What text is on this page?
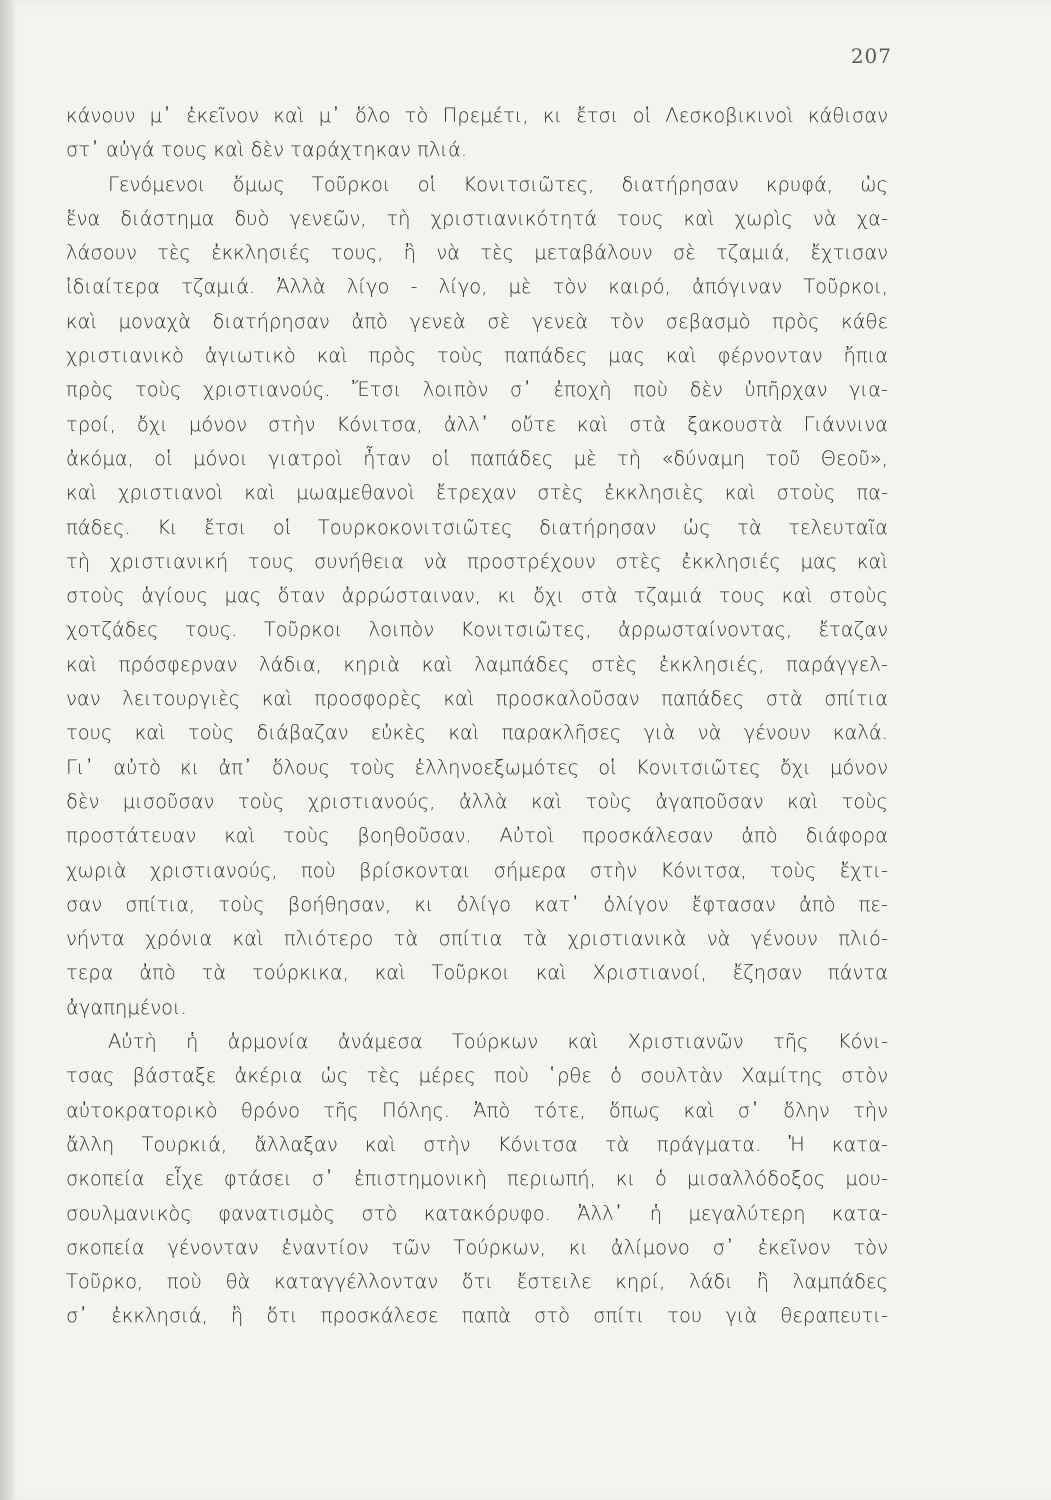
207
κάνουν μ᾽ ἐκεῖνον καὶ μ᾽ ὅλο τὸ Πρεμέτι, κι ἔτσι οἱ Λεσκοβικινοὶ κάθισαν
στ᾽ αὐγά τους καὶ δὲν ταράχτηκαν πλιά.
Γενόμενοι ὅμως Τοῦρκοι οἱ Κονιτσιῶτες, διατήρησαν κρυφά, ὡς
ἕνα διάστημα δυὸ γενεῶν, τὴ χριστιανικότητά τους καὶ χωρὶς νὰ χα-
λάσουν τὲς ἐκκλησιές τους, ἢ νὰ τὲς μεταβάλουν σὲ τζαμιά, ἔχτισαν
ἰδιαίτερα τζαμιά. Ἀλλὰ λίγο - λίγο, μὲ τὸν καιρό, ἀπόγιναν Τοῦρκοι,
καὶ μοναχὰ διατήρησαν ἀπὸ γενεὰ σὲ γενεὰ τὸν σεβασμὸ πρὸς κάθε
χριστιανικὸ ἁγιωτικὸ καὶ πρὸς τοὺς παπάδες μας καὶ φέρνονταν ἤπια
πρὸς τοὺς χριστιανούς. Ἔτσι λοιπὸν σ᾽ ἐποχὴ ποὺ δὲν ὑπῆρχαν για-
τροί, ὄχι μόνον στὴν Κόνιτσα, ἀλλ᾽ οὔτε καὶ στὰ ξακουστὰ Γιάννινα
ἀκόμα, οἱ μόνοι γιατροὶ ἦταν οἱ παπάδες μὲ τὴ «δύναμη τοῦ Θεοῦ»,
καὶ χριστιανοὶ καὶ μωαμεθανοὶ ἔτρεχαν στὲς ἐκκλησιὲς καὶ στοὺς πα-
πάδες. Κι ἔτσι οἱ Τουρκοκονιτσιῶτες διατήρησαν ὡς τὰ τελευταῖα
τὴ χριστιανική τους συνήθεια νὰ προστρέχουν στὲς ἐκκλησιές μας καὶ
στοὺς ἁγίους μας ὅταν ἀρρώσταιναν, κι ὄχι στὰ τζαμιά τους καὶ στοὺς
χοτζάδες τους. Τοῦρκοι λοιπὸν Κονιτσιῶτες, ἀρρωσταίνοντας, ἔταζαν
καὶ πρόσφερναν λάδια, κηριὰ καὶ λαμπάδες στὲς ἐκκλησιές, παράγγελ-
ναν λειτουργιὲς καὶ προσφορὲς καὶ προσκαλοῦσαν παπάδες στὰ σπίτια
τους καὶ τοὺς διάβαζαν εὐκὲς καὶ παρακλῆσες γιὰ νὰ γένουν καλά.
Γι᾽ αὐτὸ κι ἀπ᾽ ὅλους τοὺς ἑλληνοεξωμότες οἱ Κονιτσιῶτες ὄχι μόνον
δὲν μισοῦσαν τοὺς χριστιανούς, ἀλλὰ καὶ τοὺς ἀγαποῦσαν καὶ τοὺς
προστάτευαν καὶ τοὺς βοηθοῦσαν. Αὐτοὶ προσκάλεσαν ἀπὸ διάφορα
χωριὰ χριστιανούς, ποὺ βρίσκονται σήμερα στὴν Κόνιτσα, τοὺς ἔχτι-
σαν σπίτια, τοὺς βοήθησαν, κι ὀλίγο κατ᾽ ὀλίγον ἔφτασαν ἀπὸ πε-
νήντα χρόνια καὶ πλιότερο τὰ σπίτια τὰ χριστιανικὰ νὰ γένουν πλιό-
τερα ἀπὸ τὰ τούρκικα, καὶ Τοῦρκοι καὶ Χριστιανοί, ἔζησαν πάντα
ἀγαπημένοι.
Αὐτὴ ἡ ἁρμονία ἀνάμεσα Τούρκων καὶ Χριστιανῶν τῆς Κόνι-
τσας βάσταξε ἀκέρια ὡς τὲς μέρες ποὺ ῾ρθε ὁ σουλτὰν Χαμίτης στὸν
αὐτοκρατορικὸ θρόνο τῆς Πόλης. Ἀπὸ τότε, ὅπως καὶ σ᾽ ὅλην τὴν
ἄλλη Τουρκιά, ἄλλαξαν καὶ στὴν Κόνιτσα τὰ πράγματα. Ἡ κατα-
σκοπεία εἶχε φτάσει σ᾽ ἐπιστημονικὴ περιωπή, κι ὁ μισαλλόδοξος μου-
σουλμανικὸς φανατισμὸς στὸ κατακόρυφο. Ἀλλ᾽ ἡ μεγαλύτερη κατα-
σκοπεία γένονταν ἐναντίον τῶν Τούρκων, κι ἀλίμονο σ᾽ ἐκεῖνον τὸν
Τοῦρκο, ποὺ θὰ καταγγέλλονταν ὅτι ἔστειλε κηρί, λάδι ἢ λαμπάδες
σ᾽ ἐκκλησιά, ἢ ὅτι προσκάλεσε παπὰ στὸ σπίτι του γιὰ θεραπευτι-
